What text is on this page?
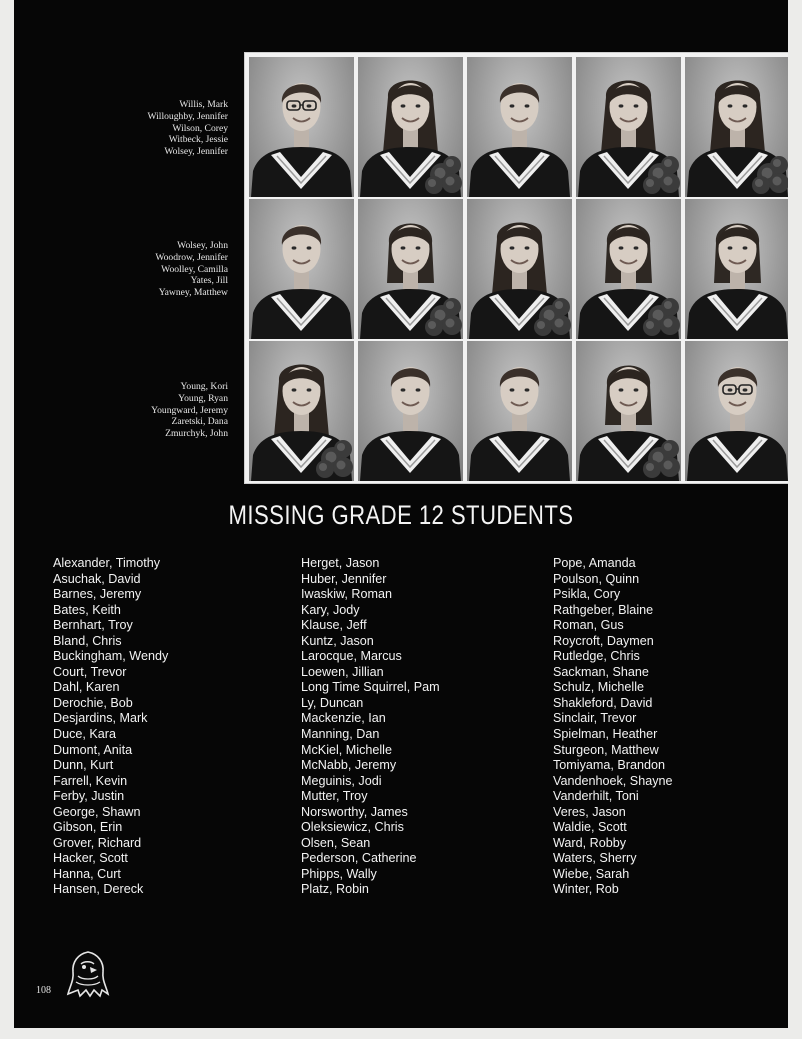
Willis, Mark
Willoughby, Jennifer
Wilson, Corey
Witbeck, Jessie
Wolsey, Jennifer
Wolsey, John
Woodrow, Jennifer
Woolley, Camilla
Yates, Jill
Yawney, Matthew
Young, Kori
Young, Ryan
Youngward, Jeremy
Zaretski, Dana
Zmurchyk, John
MISSING GRADE 12 STUDENTS
Alexander, Timothy
Asuchak, David
Barnes, Jeremy
Bates, Keith
Bernhart, Troy
Bland, Chris
Buckingham, Wendy
Court, Trevor
Dahl, Karen
Derochie, Bob
Desjardins, Mark
Duce, Kara
Dumont, Anita
Dunn, Kurt
Farrell, Kevin
Ferby, Justin
George, Shawn
Gibson, Erin
Grover, Richard
Hacker, Scott
Hanna, Curt
Hansen, Dereck
Herget, Jason
Huber, Jennifer
Iwaskiw, Roman
Kary, Jody
Klause, Jeff
Kuntz, Jason
Larocque, Marcus
Loewen, Jillian
Long Time Squirrel, Pam
Ly, Duncan
Mackenzie, Ian
Manning, Dan
McKiel, Michelle
McNabb, Jeremy
Meguinis, Jodi
Mutter, Troy
Norsworthy, James
Oleksiewicz, Chris
Olsen, Sean
Pederson, Catherine
Phipps, Wally
Platz, Robin
Pope, Amanda
Poulson, Quinn
Psikla, Cory
Rathgeber, Blaine
Roman, Gus
Roycroft, Daymen
Rutledge, Chris
Sackman, Shane
Schulz, Michelle
Shakleford, David
Sinclair, Trevor
Spielman, Heather
Sturgeon, Matthew
Tomiyama, Brandon
Vandenhoek, Shayne
Vanderhilt, Toni
Veres, Jason
Waldie, Scott
Ward, Robby
Waters, Sherry
Wiebe, Sarah
Winter, Rob
108
